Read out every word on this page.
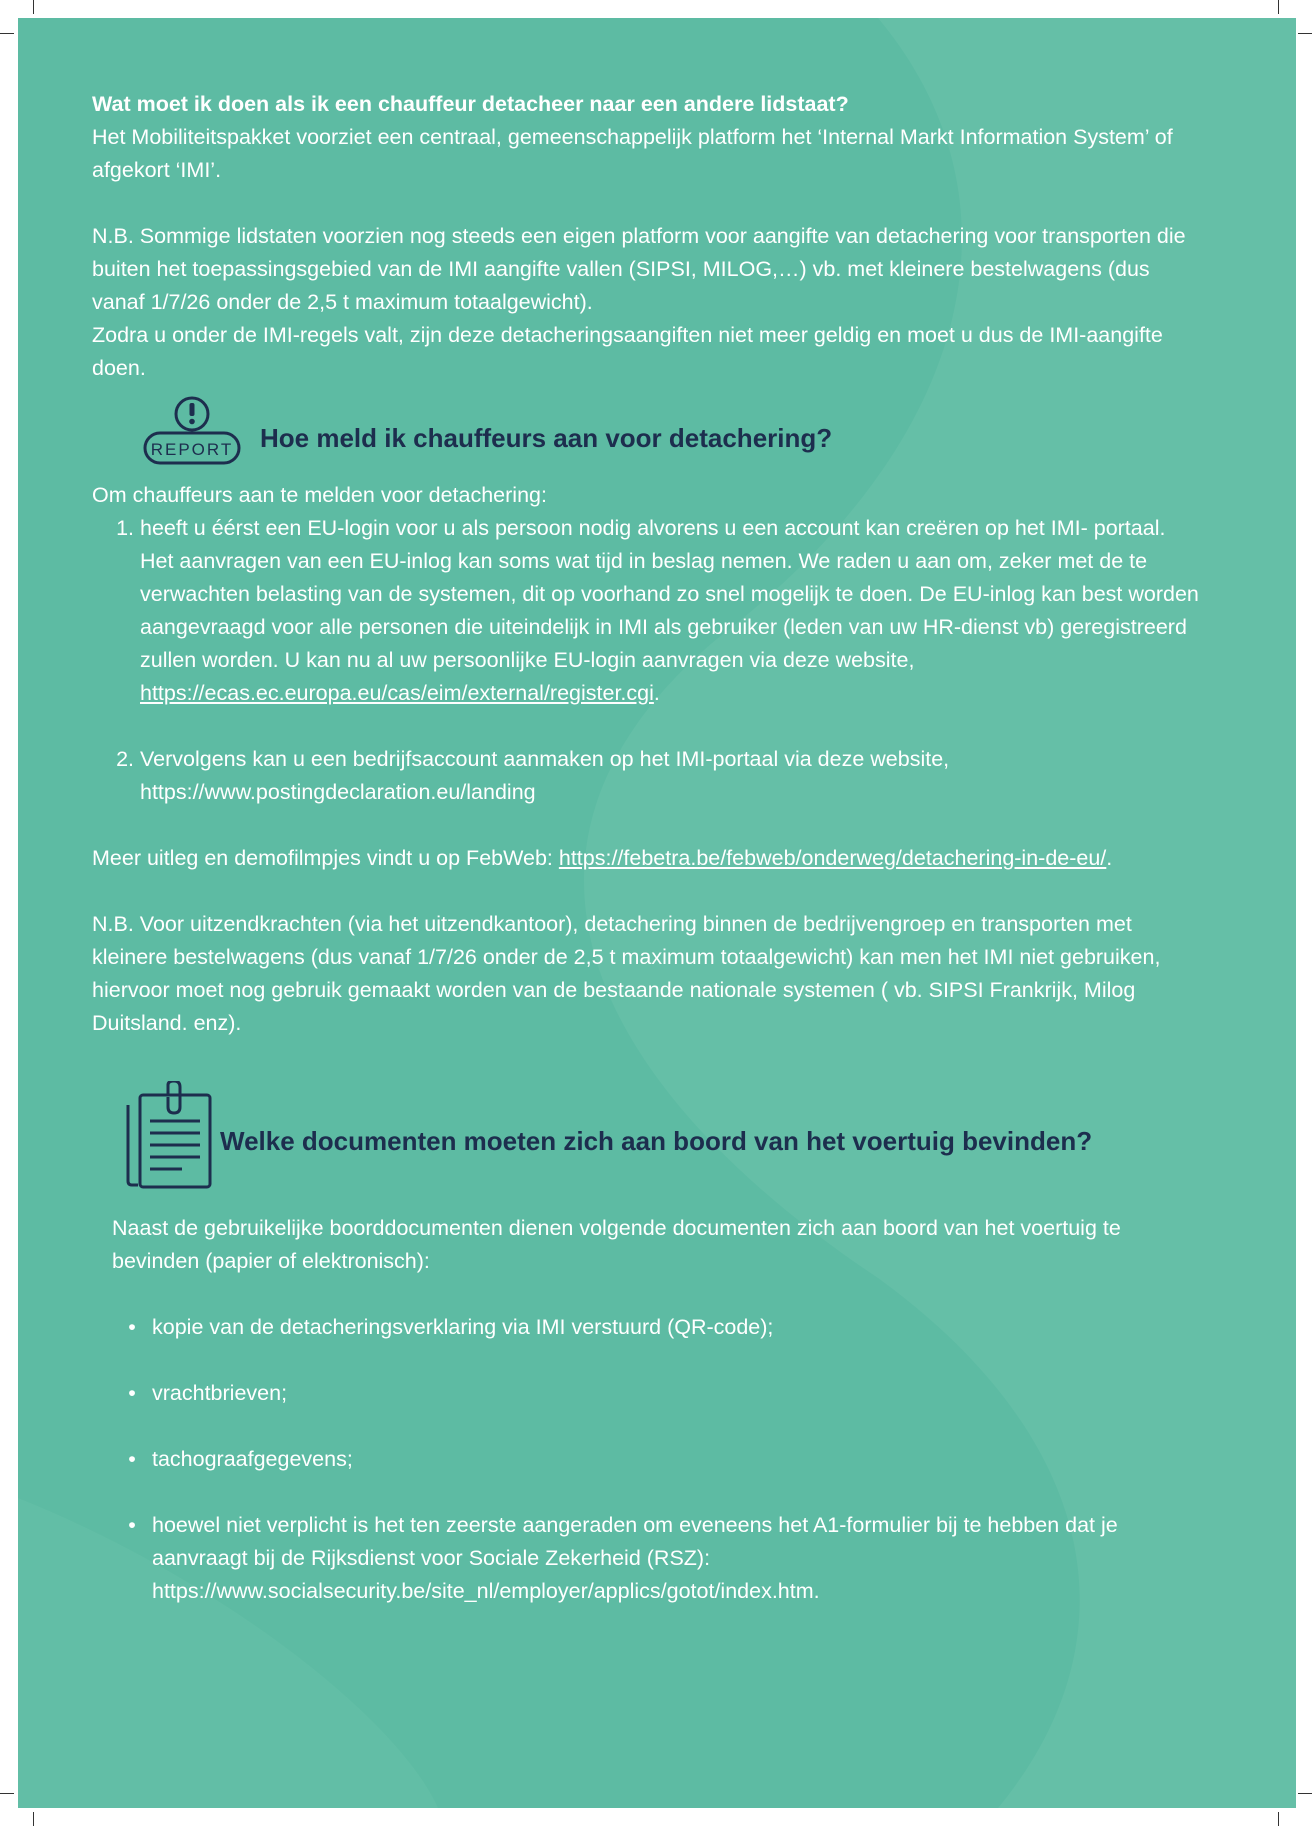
Wat moet ik doen als ik een chauffeur detacheer naar een andere lidstaat?

Het Mobiliteitspakket voorziet een centraal, gemeenschappelijk platform het ‘Internal Markt Information System’ of afgekort ‘IMI’.

N.B. Sommige lidstaten voorzien nog steeds een eigen platform voor aangifte van detachering voor transporten die buiten het toepassingsgebied van de IMI aangifte vallen (SIPSI, MILOG,…) vb. met kleinere bestelwagens (dus vanaf 1/7/26 onder de 2,5 t maximum totaalgewicht).

Zodra u onder de IMI-regels valt, zijn deze detacheringsaangiften niet meer geldig en moet u dus de IMI-aangifte doen.

REPORT Hoe meld ik chauffeurs aan voor detachering?

Om chauffeurs aan te melden voor detachering:

1. heeft u éérst een EU-login voor u als persoon nodig alvorens u een account kan creëren op het IMI- portaal. Het aanvragen van een EU-inlog kan soms wat tijd in beslag nemen. We raden u aan om, zeker met de te verwachten belasting van de systemen, dit op voorhand zo snel mogelijk te doen. De EU-inlog kan best worden aangevraagd voor alle personen die uiteindelijk in IMI als gebruiker (leden van uw HR-dienst vb) geregistreerd zullen worden. U kan nu al uw persoonlijke EU-login aanvragen via deze website, https://ecas.ec.europa.eu/cas/eim/external/register.cgi.
2. Vervolgens kan u een bedrijfsaccount aanmaken op het IMI-portaal via deze website, https://www.postingdeclaration.eu/landing

Meer uitleg en demofilmpjes vindt u op FebWeb: https://febetra.be/febweb/onderweg/detachering-in-de-eu/.

N.B. Voor uitzendkrachten (via het uitzendkantoor), detachering binnen de bedrijvengroep en transporten met kleinere bestelwagens (dus vanaf 1/7/26 onder de 2,5 t maximum totaalgewicht) kan men het IMI niet gebruiken, hiervoor moet nog gebruik gemaakt worden van de bestaande nationale systemen ( vb. SIPSI Frankrijk, Milog Duitsland. enz).

Welke documenten moeten zich aan boord van het voertuig bevinden?

Naast de gebruikelijke boorddocumenten dienen volgende documenten zich aan boord van het voertuig te bevinden (papier of elektronisch):

• kopie van de detacheringsverklaring via IMI verstuurd (QR-code);
• vrachtbrieven;
• tachograafgegevens;
• hoewel niet verplicht is het ten zeerste aangeraden om eveneens het A1-formulier bij te hebben dat je aanvraagt bij de Rijksdienst voor Sociale Zekerheid (RSZ): https://www.socialsecurity.be/site_nl/employer/applics/gotot/index.htm.
